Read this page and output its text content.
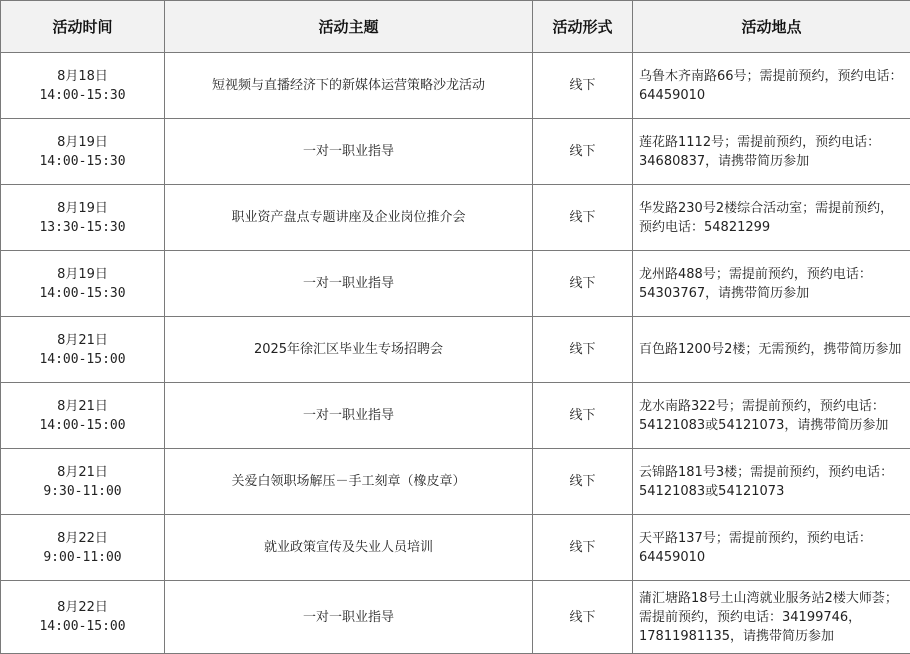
活动时间	活动主题	活动形式	活动地点

8月18日
14:00-15:30	短视频与直播经济下的新媒体运营策略沙龙活动	线下	乌鲁木齐南路66号；需提前预约，预约电话：64459010

8月19日
14:00-15:30	一对一职业指导	线下	莲花路1112号；需提前预约，预约电话：34680837，请携带简历参加

8月19日
13:30-15:30	职业资产盘点专题讲座及企业岗位推介会	线下	华发路230号2楼综合活动室；需提前预约，预约电话：54821299

8月19日
14:00-15:30	一对一职业指导	线下	龙州路488号；需提前预约，预约电话：54303767，请携带简历参加

8月21日
14:00-15:00	2025年徐汇区毕业生专场招聘会	线下	百色路1200号2楼；无需预约，携带简历参加

8月21日
14:00-15:00	一对一职业指导	线下	龙水南路322号；需提前预约，预约电话：54121083或54121073，请携带简历参加

8月21日
9:30-11:00	关爱白领职场解压－手工刻章（橡皮章）	线下	云锦路181号3楼；需提前预约，预约电话：54121083或54121073

8月22日
9:00-11:00	就业政策宣传及失业人员培训	线下	天平路137号；需提前预约，预约电话：64459010

8月22日
14:00-15:00	一对一职业指导	线下	蒲汇塘路18号土山湾就业服务站2楼大师荟；需提前预约，预约电话：34199746，17811981135，请携带简历参加
